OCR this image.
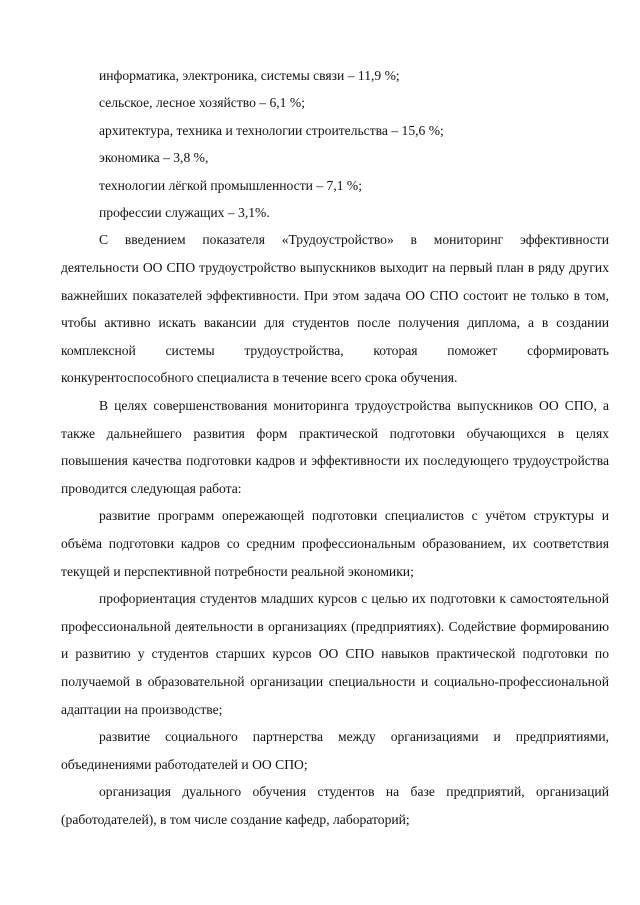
информатика, электроника, системы связи – 11,9 %;

сельское, лесное хозяйство – 6,1 %;

архитектура, техника и технологии строительства – 15,6 %;

экономика – 3,8 %,

технологии лёгкой промышленности – 7,1 %;

профессии служащих – 3,1%.

С введением показателя «Трудоустройство» в мониторинг эффективности деятельности ОО СПО трудоустройство выпускников выходит на первый план в ряду других важнейших показателей эффективности. При этом задача ОО СПО состоит не только в том, чтобы активно искать вакансии для студентов после получения диплома, а в создании комплексной системы трудоустройства, которая поможет сформировать конкурентоспособного специалиста в течение всего срока обучения.

В целях совершенствования мониторинга трудоустройства выпускников ОО СПО, а также дальнейшего развития форм практической подготовки обучающихся в целях повышения качества подготовки кадров и эффективности их последующего трудоустройства проводится следующая работа:

развитие программ опережающей подготовки специалистов с учётом структуры и объёма подготовки кадров со средним профессиональным образованием, их соответствия текущей и перспективной потребности реальной экономики;

профориентация студентов младших курсов с целью их подготовки к самостоятельной профессиональной деятельности в организациях (предприятиях). Содействие формированию и развитию у студентов старших курсов ОО СПО навыков практической подготовки по получаемой в образовательной организации специальности и социально-профессиональной адаптации на производстве;

развитие социального партнерства между организациями и предприятиями, объединениями работодателей и ОО СПО;

организация дуального обучения студентов на базе предприятий, организаций (работодателей), в том числе создание кафедр, лабораторий;
